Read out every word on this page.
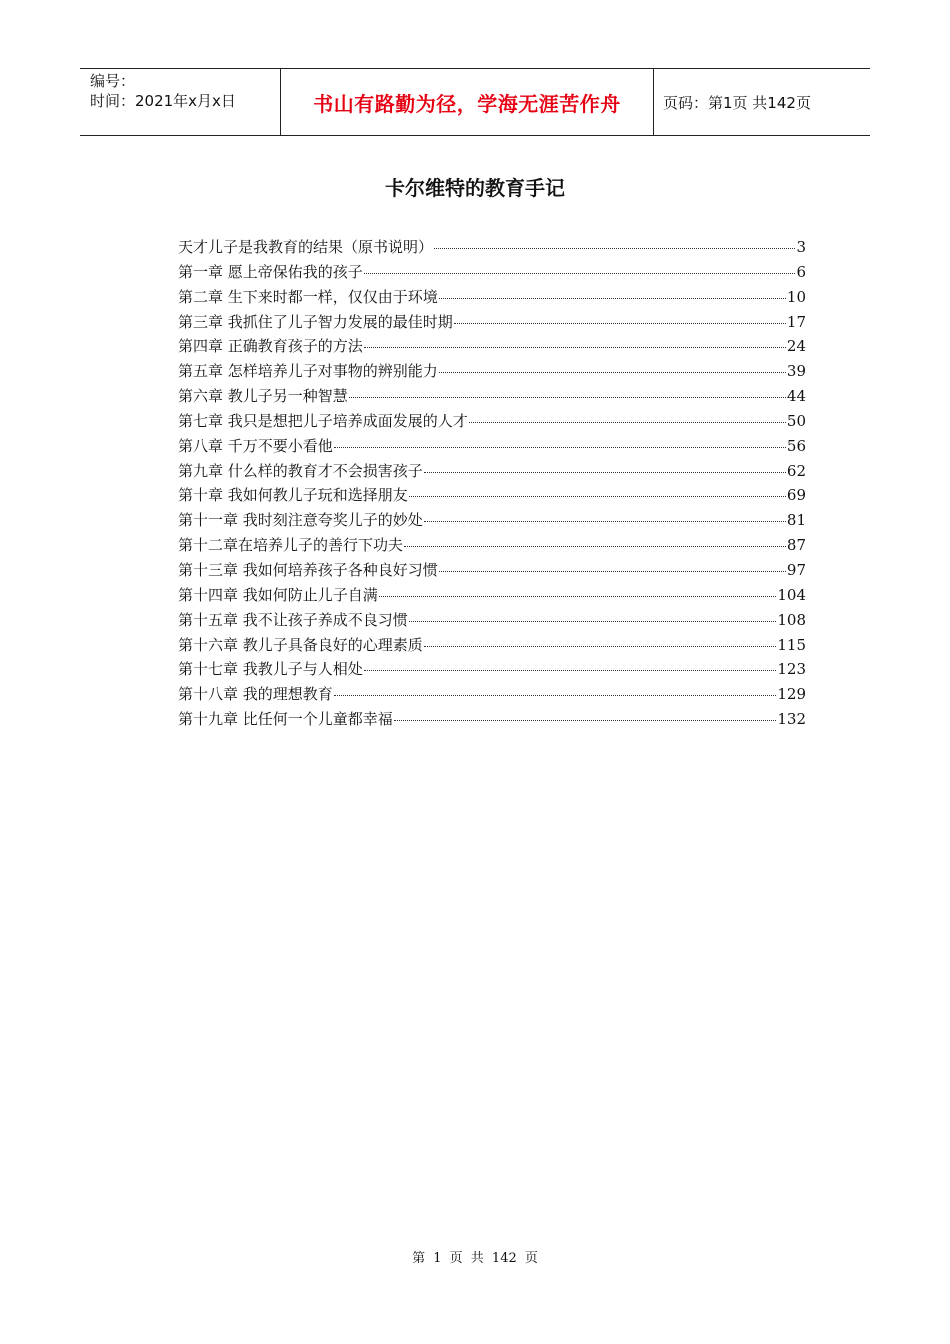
编号：
时间：2021年x月x日	书山有路勤为径，学海无涯苦作舟	页码：第1页 共142页
卡尔维特的教育手记
天才儿子是我教育的结果（原书说明）	3
第一章 愿上帝保佑我的孩子	6
第二章 生下来时都一样，仅仅由于环境	10
第三章 我抓住了儿子智力发展的最佳时期	17
第四章 正确教育孩子的方法	24
第五章 怎样培养儿子对事物的辨别能力	39
第六章 教儿子另一种智慧	44
第七章 我只是想把儿子培养成面发展的人才	50
第八章 千万不要小看他	56
第九章 什么样的教育才不会损害孩子	62
第十章 我如何教儿子玩和选择朋友	69
第十一章 我时刻注意夸奖儿子的妙处	81
第十二章在培养儿子的善行下功夫	87
第十三章 我如何培养孩子各种良好习惯	97
第十四章 我如何防止儿子自满	104
第十五章 我不让孩子养成不良习惯	108
第十六章 教儿子具备良好的心理素质	115
第十七章 我教儿子与人相处	123
第十八章 我的理想教育	129
第十九章 比任何一个儿童都幸福	132
第 1 页 共 142 页
